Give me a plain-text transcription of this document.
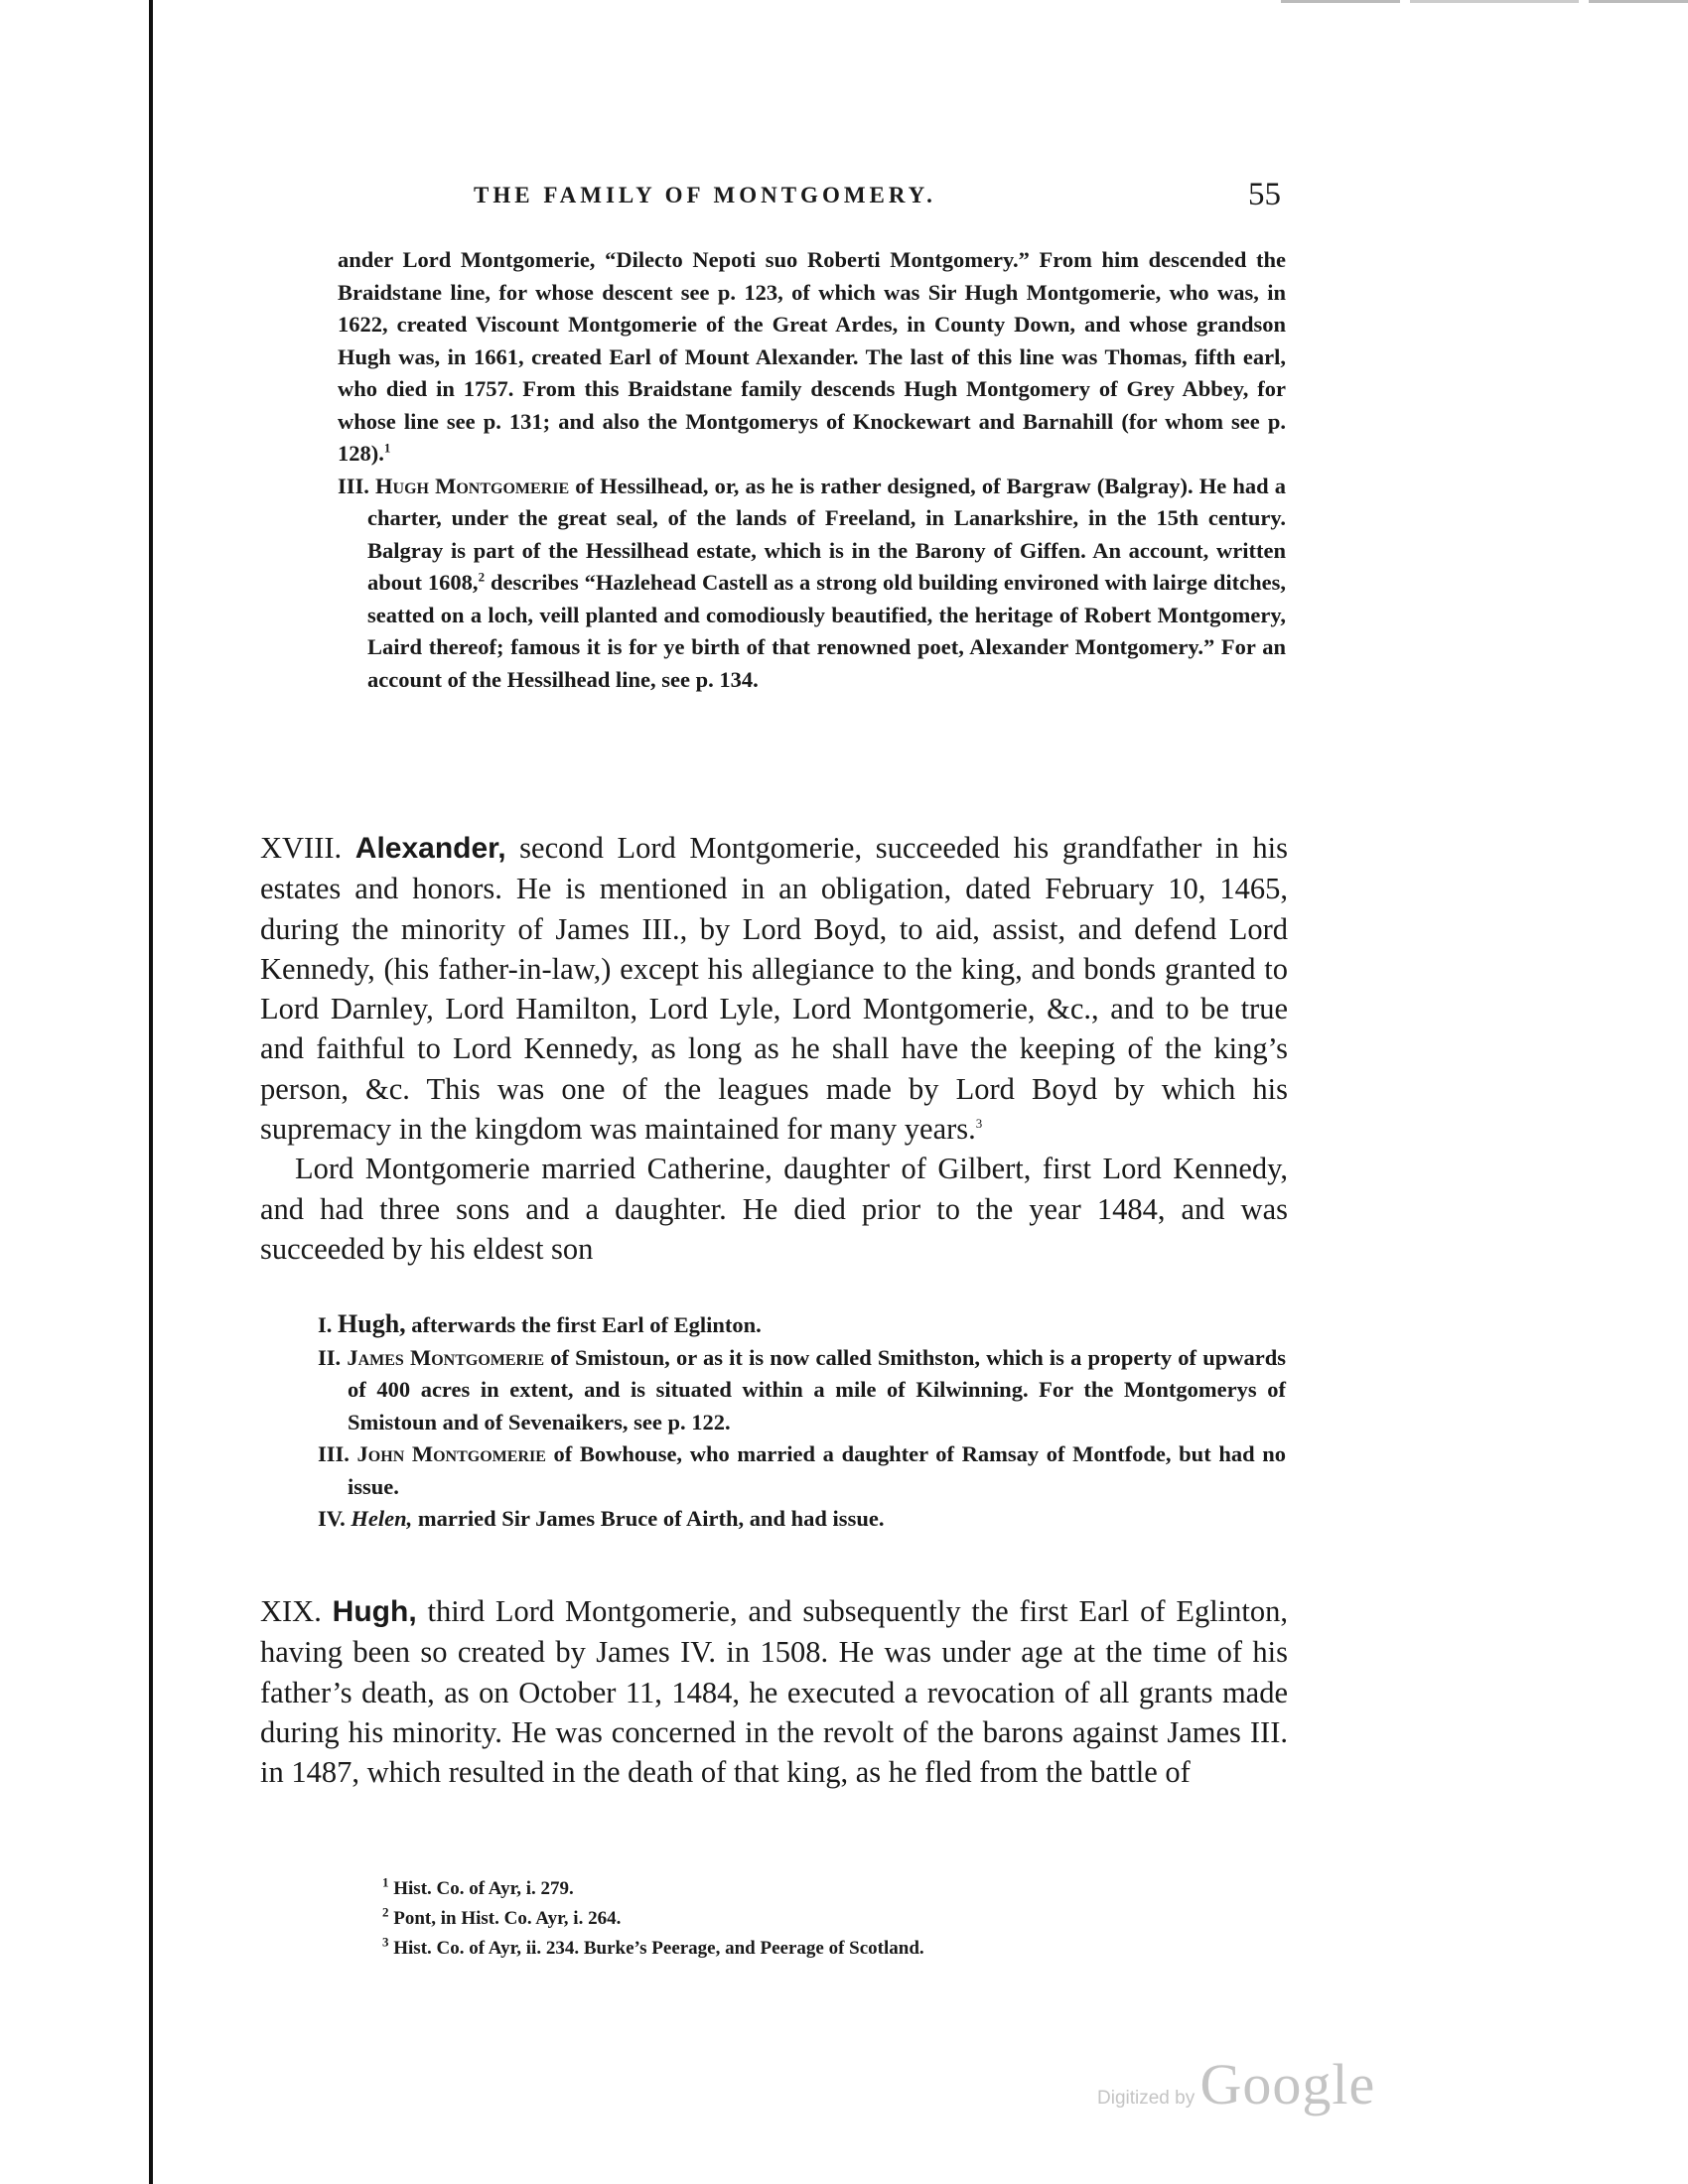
THE FAMILY OF MONTGOMERY.	55

ander Lord Montgomerie, “Dilecto Nepoti suo Roberti Montgomery.” From him descended the Braidstane line, for whose descent see p. 123, of which was Sir Hugh Montgomerie, who was, in 1622, created Viscount Montgomerie of the Great Ardes, in County Down, and whose grandson Hugh was, in 1661, created Earl of Mount Alexander. The last of this line was Thomas, fifth earl, who died in 1757. From this Braidstane family descends Hugh Montgomery of Grey Abbey, for whose line see p. 131; and also the Montgomerys of Knockewart and Barnahill (for whom see p. 128).$^1$

III. Hugh Montgomerie of Hessilhead, or, as he is rather designed, of Bargraw (Balgray). He had a charter, under the great seal, of the lands of Freeland, in Lanarkshire, in the 15th century. Balgray is part of the Hessilhead estate, which is in the Barony of Giffen. An account, written about 1608,$^2$ describes “Hazlehead Castell as a strong old building environed with lairge ditches, seatted on a loch, veill planted and comodiously beautified, the heritage of Robert Montgomery, Laird thereof; famous it is for ye birth of that renowned poet, Alexander Montgomery.” For an account of the Hessilhead line, see p. 134.

XVIII. Alexander, second Lord Montgomerie, succeeded his grandfather in his estates and honors. He is mentioned in an obligation, dated February 10, 1465, during the minority of James III., by Lord Boyd, to aid, assist, and defend Lord Kennedy, (his father-in-law,) except his allegiance to the king, and bonds granted to Lord Darnley, Lord Hamilton, Lord Lyle, Lord Montgomerie, &c., and to be true and faithful to Lord Kennedy, as long as he shall have the keeping of the king’s person, &c. This was one of the leagues made by Lord Boyd by which his supremacy in the kingdom was maintained for many years.$^3$

Lord Montgomerie married Catherine, daughter of Gilbert, first Lord Kennedy, and had three sons and a daughter. He died prior to the year 1484, and was succeeded by his eldest son

I. Hugh, afterwards the first Earl of Eglinton.

II. James Montgomerie of Smistoun, or as it is now called Smithston, which is a property of upwards of 400 acres in extent, and is situated within a mile of Kilwinning. For the Montgomerys of Smistoun and of Sevenaikers, see p. 122.

III. John Montgomerie of Bowhouse, who married a daughter of Ramsay of Montfode, but had no issue.

IV. Helen, married Sir James Bruce of Airth, and had issue.

XIX. Hugh, third Lord Montgomerie, and subsequently the first Earl of Eglinton, having been so created by James IV. in 1508. He was under age at the time of his father’s death, as on October 11, 1484, he executed a revocation of all grants made during his minority. He was concerned in the revolt of the barons against James III. in 1487, which resulted in the death of that king, as he fled from the battle of

$^1$ Hist. Co. of Ayr, i. 279.

$^2$ Pont, in Hist. Co. Ayr, i. 264.

$^3$ Hist. Co. of Ayr, ii. 234. Burke’s Peerage, and Peerage of Scotland.

Digitized by Google
